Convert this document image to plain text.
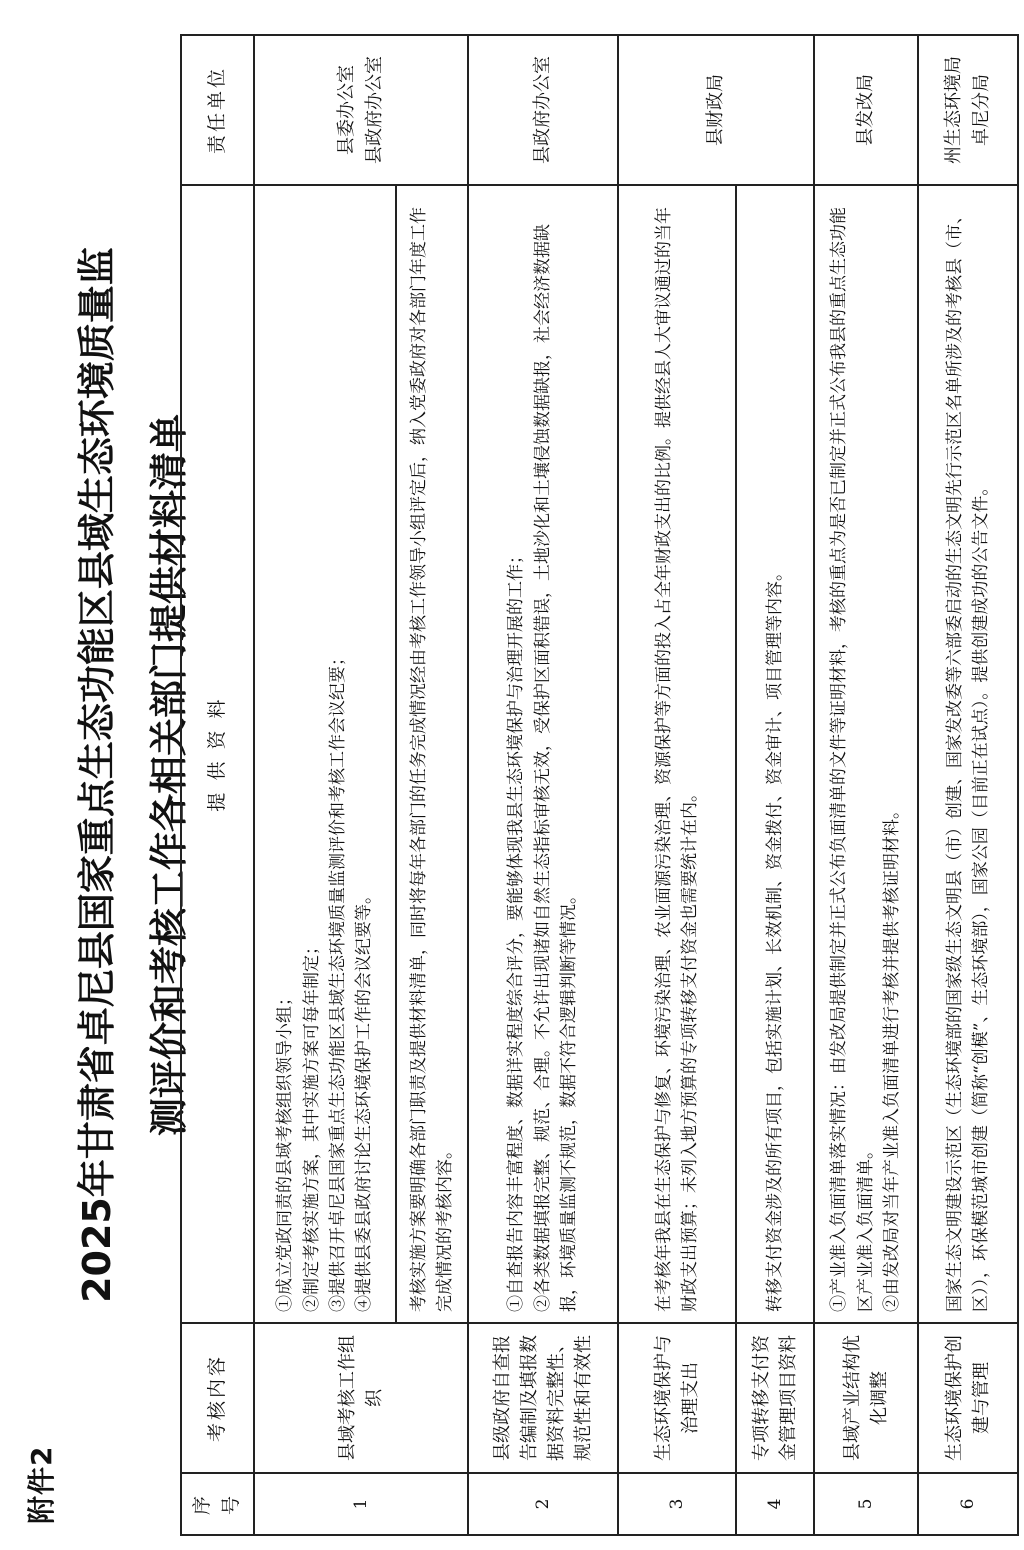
附件2
2025年甘肃省卓尼县国家重点生态功能区县域生态环境质量监 测评价和考核工作各相关部门提供材料清单
序号	考核内容	提 供 资 料	责任单位
1	县域考核工作组织	①成立党政同责的县域考核组织领导小组； ②制定考核实施方案，其中实施方案可每年制定； ③提供召开卓尼县国家重点生态功能区县域生态环境质量监测评价和考核工作会议纪要； ④提供县委县政府讨论生态环境保护工作的会议纪要等。	县委办公室
县政府办公室
		考核实施方案要明确各部门职责及提供材料清单，同时将每年各部门的任务完成情况经由考核工作领导小组评定后，纳入党委政府对各部门年度工作完成情况的考核内容。	
2	县级政府自查报告编制及填报数据资料完整性、规范性和有效性	①自查报告内容丰富程度、数据详实程度综合评分，要能够体现我县生态环境保护与治理开展的工作； ②各类数据填报完整、规范、合理。不允许出现诸如自然生态指标审核无效，受保护区面积错误，土地沙化和土壤侵蚀数据缺报，社会经济数据缺报，环境质量监测不规范，数据不符合逻辑判断等情况。	县政府办公室
3	生态环境保护与治理支出	在考核年我县在生态保护与修复、环境污染治理、农业面源污染治理、资源保护等方面的投入占全年财政支出的比例。提供经县人大审议通过的当年财政支出预算；未列入地方预算的专项转移支付资金也需要统计在内。	县财政局
4	专项转移支付资金管理项目资料	转移支付资金涉及的所有项目，包括实施计划、长效机制、资金拨付、资金审计、项目管理等内容。	
5	县域产业结构优化调整	①产业准入负面清单落实情况：由发改局提供制定并正式公布负面清单的文件等证明材料，考核的重点为是否已制定并正式公布我县的重点生态功能区产业准入负面清单。 ②由发改局对当年产业准入负面清单进行考核并提供考核证明材料。	县发改局
6	生态环境保护创建与管理	国家生态文明建设示范区（生态环境部的国家级生态文明县（市）创建、国家发改委等六部委启动的生态文明先行示范区名单所涉及的考核县（市、区）），环保模范城市创建（简称“创模”、生态环境部），国家公园（目前正在试点）。提供创建成功的公告文件。	州生态环境局
卓尼分局
